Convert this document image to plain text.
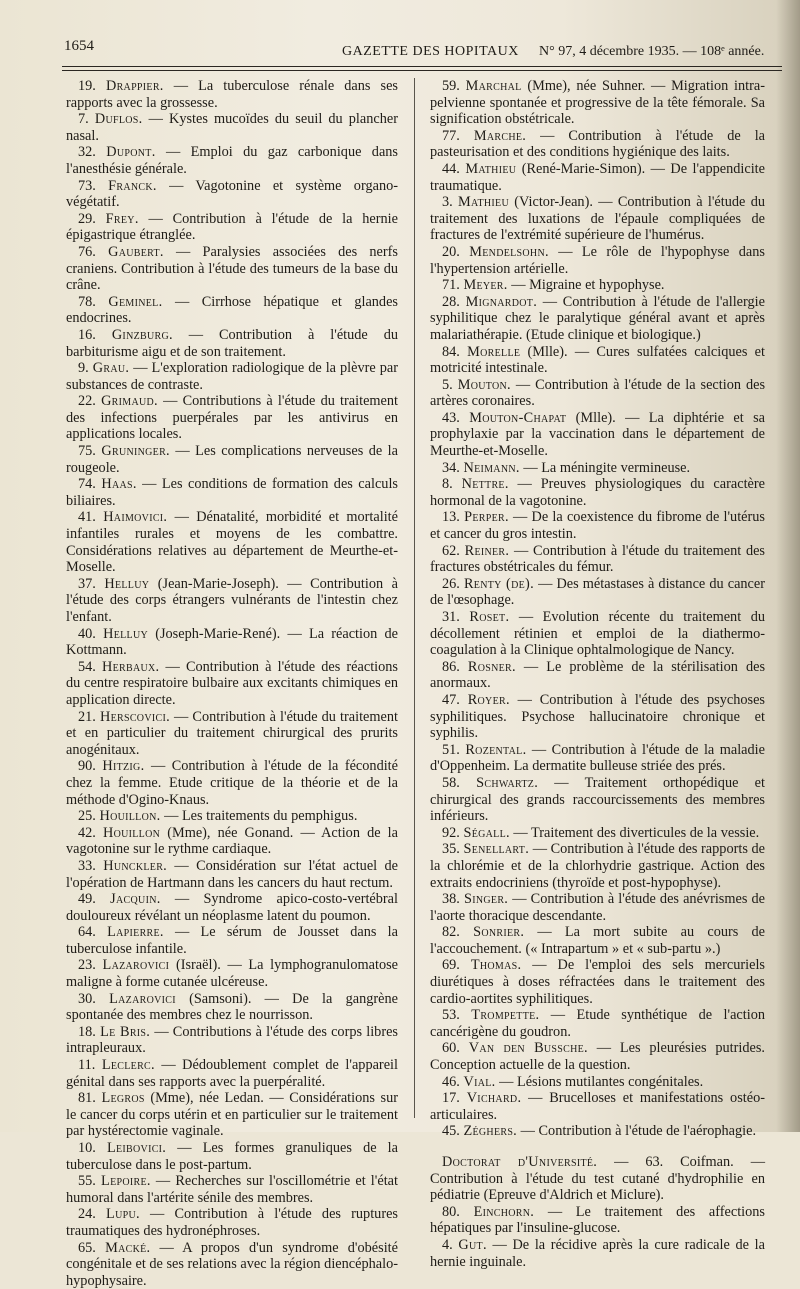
1654	GAZETTE DES HOPITAUX N° 97, 4 décembre 1935. — 108ᵉ année.

19. Drappier. — La tuberculose rénale dans ses rapports avec la grossesse.

7. Duflos. — Kystes mucoïdes du seuil du plancher nasal.

32. Dupont. — Emploi du gaz carbonique dans l'anesthésie générale.

73. Franck. — Vagotonine et système organo-végétatif.

29. Frey. — Contribution à l'étude de la hernie épigastrique étranglée.

76. Gaubert. — Paralysies associées des nerfs craniens. Contribution à l'étude des tumeurs de la base du crâne.

78. Geminel. — Cirrhose hépatique et glandes endocrines.

16. Ginzburg. — Contribution à l'étude du barbiturisme aigu et de son traitement.

9. Grau. — L'exploration radiologique de la plèvre par substances de contraste.

22. Grimaud. — Contributions à l'étude du traitement des infections puerpérales par les antivirus en applications locales.

75. Gruninger. — Les complications nerveuses de la rougeole.

74. Haas. — Les conditions de formation des calculs biliaires.

41. Haimovici. — Dénatalité, morbidité et mortalité infantiles rurales et moyens de les combattre. Considérations relatives au département de Meurthe-et-Moselle.

37. Helluy (Jean-Marie-Joseph). — Contribution à l'étude des corps étrangers vulnérants de l'intestin chez l'enfant.

40. Helluy (Joseph-Marie-René). — La réaction de Kottmann.

54. Herbaux. — Contribution à l'étude des réactions du centre respiratoire bulbaire aux excitants chimiques en application directe.

21. Herscovici. — Contribution à l'étude du traitement et en particulier du traitement chirurgical des prurits anogénitaux.

90. Hitzig. — Contribution à l'étude de la fécondité chez la femme. Etude critique de la théorie et de la méthode d'Ogino-Knaus.

25. Houillon. — Les traitements du pemphigus.

42. Houillon (Mme), née Gonand. — Action de la vagotonine sur le rythme cardiaque.

33. Hunckler. — Considération sur l'état actuel de l'opération de Hartmann dans les cancers du haut rectum.

49. Jacquin. — Syndrome apico-costo-vertébral douloureux révélant un néoplasme latent du poumon.

64. Lapierre. — Le sérum de Jousset dans la tuberculose infantile.

23. Lazarovici (Israël). — La lymphogranulomatose maligne à forme cutanée ulcéreuse.

30. Lazarovici (Samsoni). — De la gangrène spontanée des membres chez le nourrisson.

18. Le Bris. — Contributions à l'étude des corps libres intrapleuraux.

11. Leclerc. — Dédoublement complet de l'appareil génital dans ses rapports avec la puerpéralité.

81. Legros (Mme), née Ledan. — Considérations sur le cancer du corps utérin et en particulier sur le traitement par hystérectomie vaginale.

10. Leibovici. — Les formes granuliques de la tuberculose dans le post-partum.

55. Lepoire. — Recherches sur l'oscillométrie et l'état humoral dans l'artérite sénile des membres.

24. Lupu. — Contribution à l'étude des ruptures traumatiques des hydronéphroses.

65. Macké. — A propos d'un syndrome d'obésité congénitale et de ses relations avec la région diencéphalo-hypophysaire.

59. Marchal (Mme), née Suhner. — Migration intra-pelvienne spontanée et progressive de la tête fémorale. Sa signification obstétricale.

77. Marche. — Contribution à l'étude de la pasteurisation et des conditions hygiénique des laits.

44. Mathieu (René-Marie-Simon). — De l'appendicite traumatique.

3. Mathieu (Victor-Jean). — Contribution à l'étude du traitement des luxations de l'épaule compliquées de fractures de l'extrémité supérieure de l'humérus.

20. Mendelsohn. — Le rôle de l'hypophyse dans l'hypertension artérielle.

71. Meyer. — Migraine et hypophyse.

28. Mignardot. — Contribution à l'étude de l'allergie syphilitique chez le paralytique général avant et après malariathérapie. (Etude clinique et biologique.)

84. Morelle (Mlle). — Cures sulfatées calciques et motricité intestinale.

5. Mouton. — Contribution à l'étude de la section des artères coronaires.

43. Mouton-Chapat (Mlle). — La diphtérie et sa prophylaxie par la vaccination dans le département de Meurthe-et-Moselle.

34. Neimann. — La méningite vermineuse.

8. Nettre. — Preuves physiologiques du caractère hormonal de la vagotonine.

13. Perper. — De la coexistence du fibrome de l'utérus et cancer du gros intestin.

62. Reiner. — Contribution à l'étude du traitement des fractures obstétricales du fémur.

26. Renty (de). — Des métastases à distance du cancer de l'œsophage.

31. Roset. — Evolution récente du traitement du décollement rétinien et emploi de la diathermo-coagulation à la Clinique ophtalmologique de Nancy.

86. Rosner. — Le problème de la stérilisation des anormaux.

47. Royer. — Contribution à l'étude des psychoses syphilitiques. Psychose hallucinatoire chronique et syphilis.

51. Rozental. — Contribution à l'étude de la maladie d'Oppenheim. La dermatite bulleuse striée des prés.

58. Schwartz. — Traitement orthopédique et chirurgical des grands raccourcissements des membres inférieurs.

92. Ségall. — Traitement des diverticules de la vessie.

35. Senellart. — Contribution à l'étude des rapports de la chlorémie et de la chlorhydrie gastrique. Action des extraits endocriniens (thyroïde et post-hypophyse).

38. Singer. — Contribution à l'étude des anévrismes de l'aorte thoracique descendante.

82. Sonrier. — La mort subite au cours de l'accouchement. (« Intrapartum » et « sub-partu ».)

69. Thomas. — De l'emploi des sels mercuriels diurétiques à doses réfractées dans le traitement des cardio-aortites syphilitiques.

53. Trompette. — Etude synthétique de l'action cancérigène du goudron.

60. Van den Bussche. — Les pleurésies putrides. Conception actuelle de la question.

46. Vial. — Lésions mutilantes congénitales.

17. Vichard. — Brucelloses et manifestations ostéo-articulaires.

45. Zéghers. — Contribution à l'étude de l'aérophagie.

Doctorat d'Université. — 63. Coifman. — Contribution à l'étude du test cutané d'hydrophilie en pédiatrie (Epreuve d'Aldrich et Miclure).

80. Einchorn. — Le traitement des affections hépatiques par l'insuline-glucose.

4. Gut. — De la récidive après la cure radicale de la hernie inguinale.
